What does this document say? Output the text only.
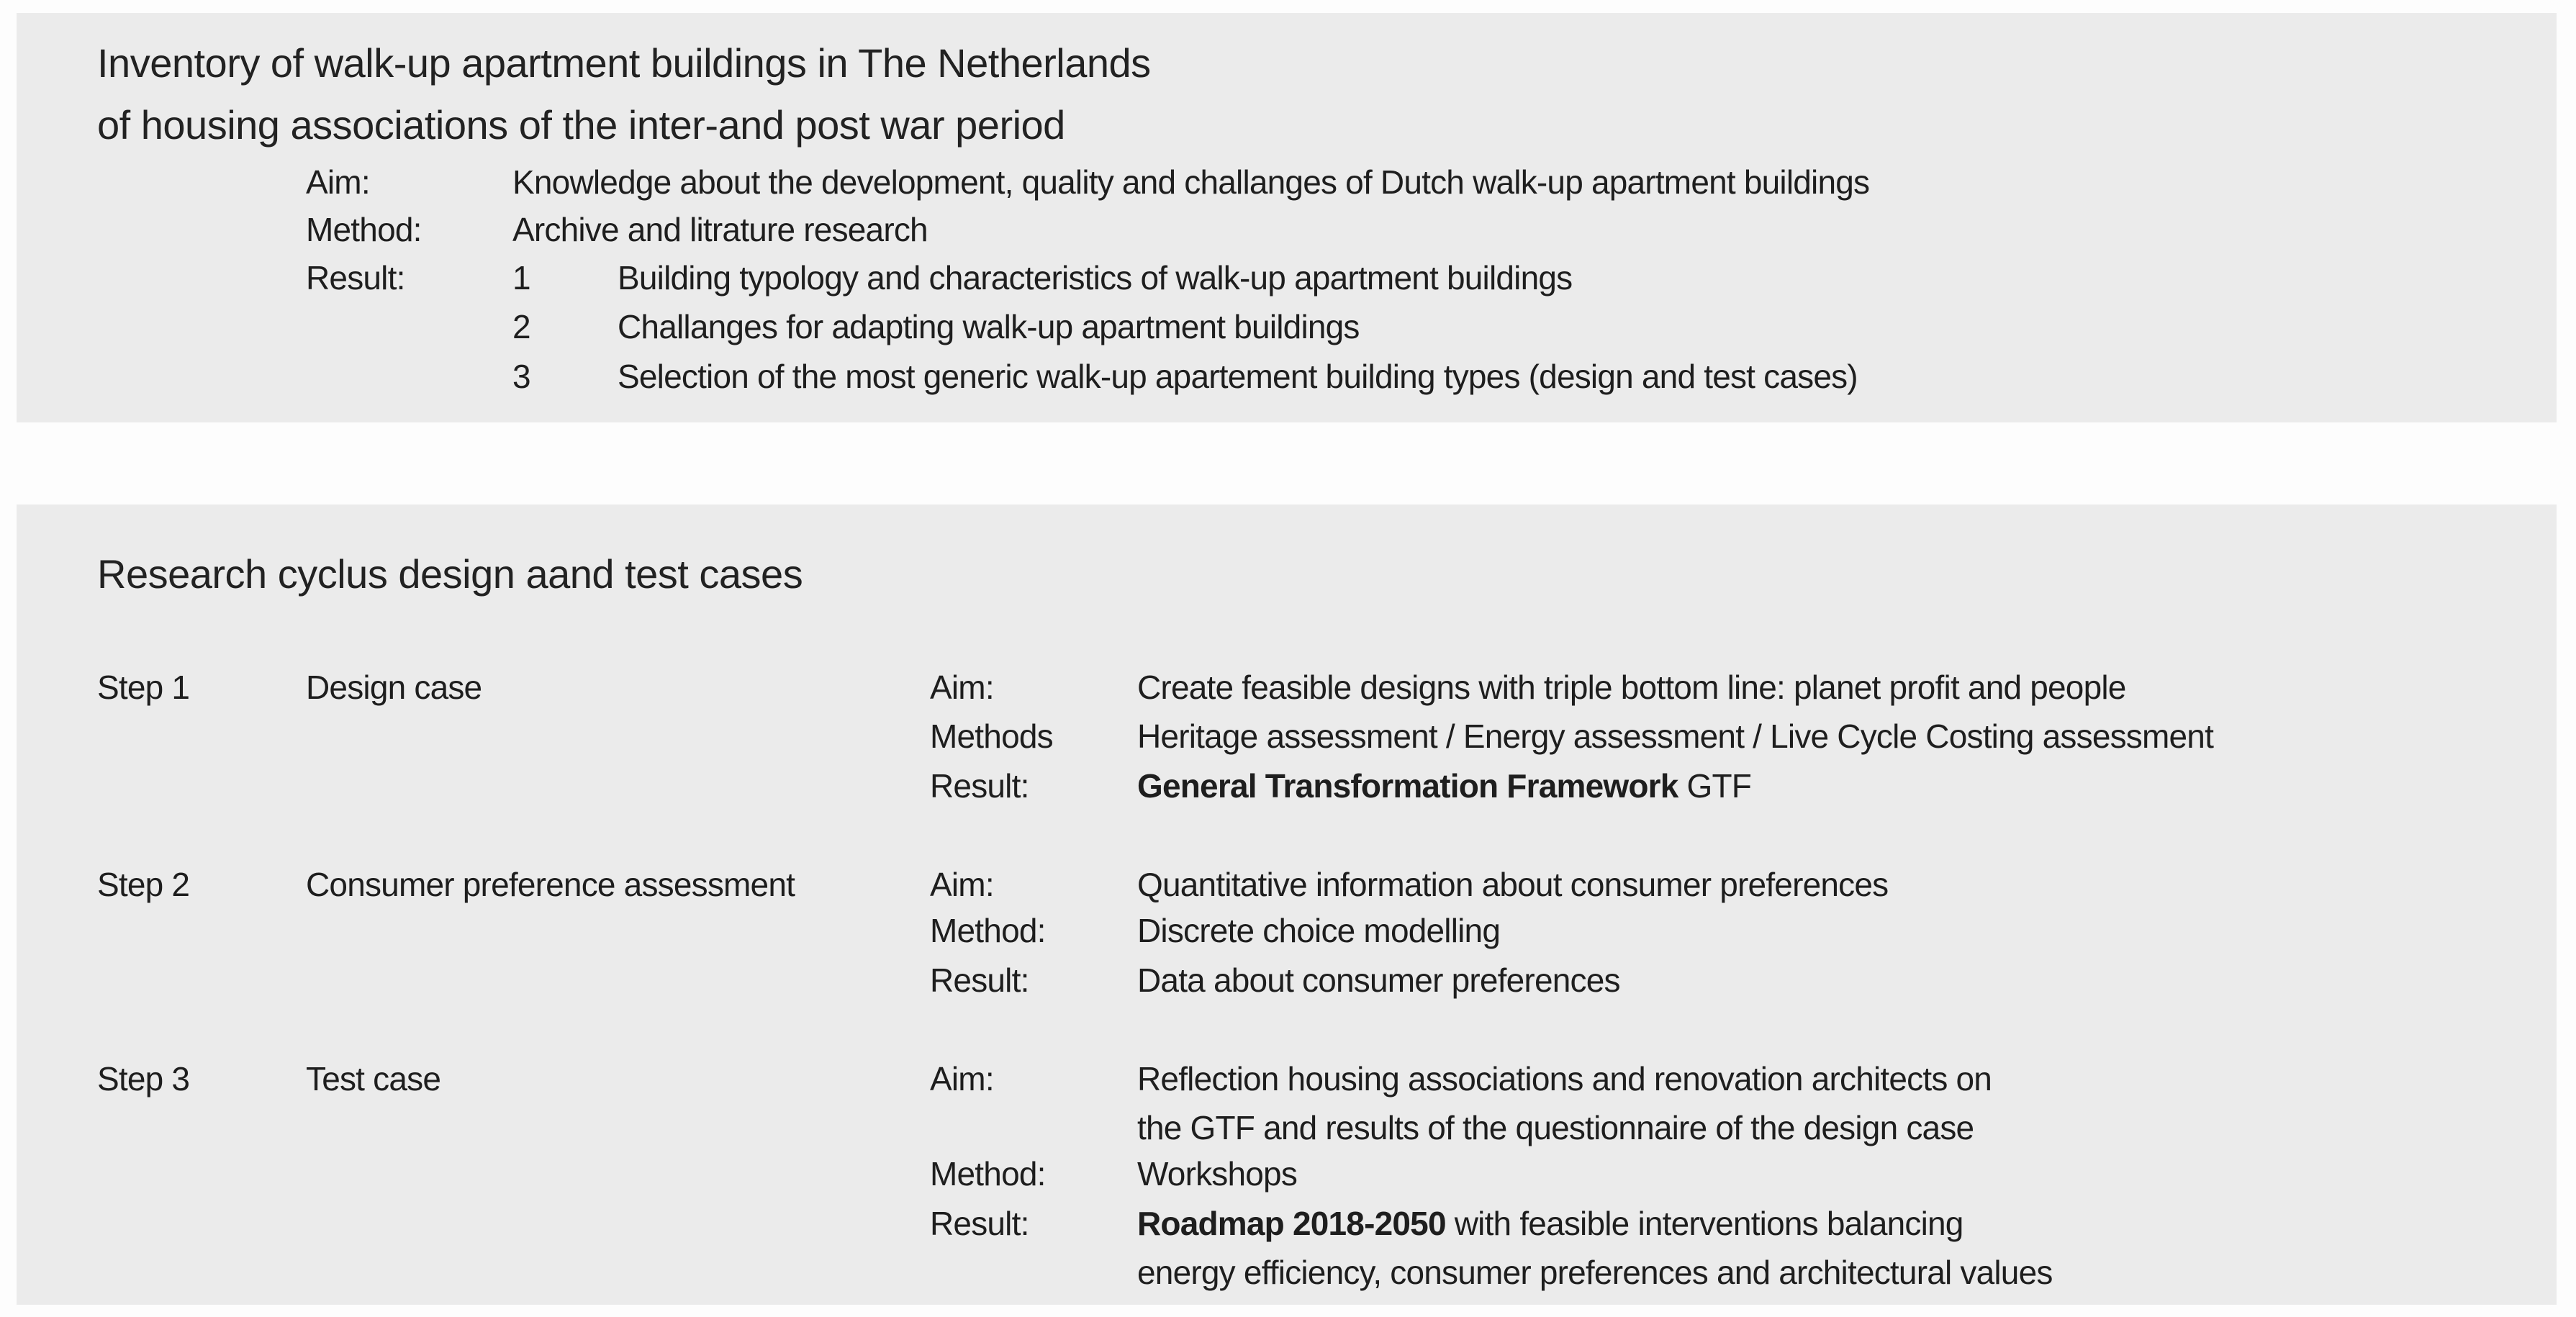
Inventory of walk-up apartment buildings in The Netherlands
of housing associations of the inter-and post war period
Aim:	Knowledge about the development, quality and challanges of Dutch walk-up apartment buildings
Method:	Archive and litrature research
Result:	1	Building typology and characteristics of walk-up apartment buildings
2	Challanges for adapting walk-up apartment buildings
3	Selection of the most generic walk-up apartement building types (design and test cases)
Research cyclus design aand test cases
Step 1	Design case	Aim:	Create feasible designs with triple bottom line: planet profit and people
Methods	Heritage assessment / Energy assessment / Live Cycle Costing assessment
Result:	General Transformation Framework GTF
Step 2	Consumer preference assessment	Aim:	Quantitative information about consumer preferences
Method:	Discrete choice modelling
Result:	Data about consumer preferences
Step 3	Test case	Aim:	Reflection housing associations and renovation architects on
the GTF and results of the questionnaire of the design case
Method:	Workshops
Result:	Roadmap 2018-2050 with feasible interventions balancing
energy efficiency, consumer preferences and architectural values
